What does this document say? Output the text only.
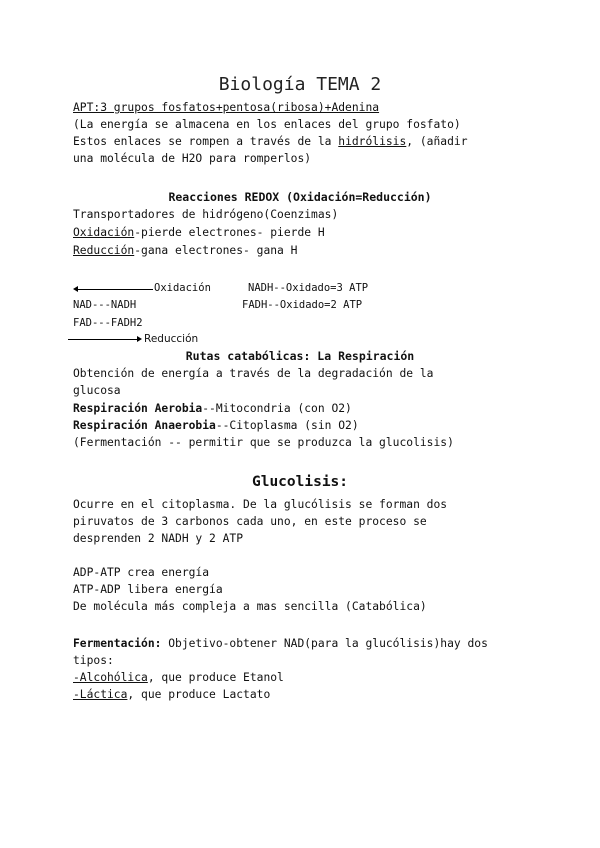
Biología TEMA 2
APT:3 grupos fosfatos+pentosa(ribosa)+Adenina
(La energía se almacena en los enlaces del grupo fosfato)
Estos enlaces se rompen a través de la hidrólisis, (añadir
una molécula de H2O para romperlos)
Reacciones REDOX (Oxidación=Reducción)
Transportadores de hidrógeno(Coenzimas)
Oxidación-pierde electrones- pierde H
Reducción-gana electrones- gana H
Oxidación	NADH--Oxidado=3 ATP
NAD---NADH	FADH--Oxidado=2 ATP
FAD---FADH2
Reducción
Rutas catabólicas: La Respiración
Obtención de energía a través de la degradación de la
glucosa
Respiración Aerobia--Mitocondria (con O2)
Respiración Anaerobia--Citoplasma (sin O2)
(Fermentación -- permitir que se produzca la glucolisis)
Glucolisis:
Ocurre en el citoplasma. De la glucólisis se forman dos
piruvatos de 3 carbonos cada uno, en este proceso se
desprenden 2 NADH y 2 ATP
ADP-ATP crea energía
ATP-ADP libera energía
De molécula más compleja a mas sencilla (Catabólica)
Fermentación: Objetivo-obtener NAD(para la glucólisis)hay dos
tipos:
-Alcohólica, que produce Etanol
-Láctica, que produce Lactato
